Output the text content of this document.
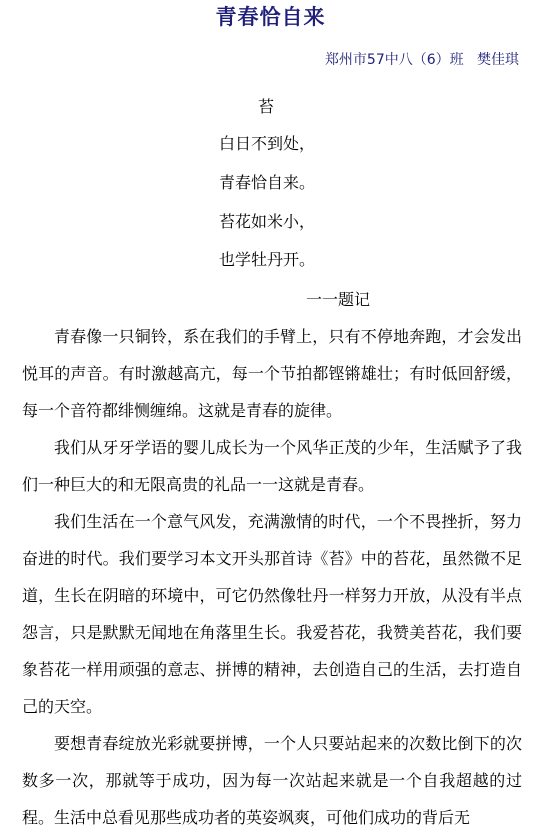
青春恰自来
郑州市57中八（6）班   樊佳琪
苔
白日不到处，
青春恰自来。
苔花如米小，
也学牡丹开。
一一题记

青春像一只铜铃，系在我们的手臂上，只有不停地奔跑，才会发出悦耳的声音。有时激越高亢，每一个节拍都铿锵雄壮；有时低回舒缓，每一个音符都绯恻缠绵。这就是青春的旋律。

我们从牙牙学语的婴儿成长为一个风华正茂的少年，生活赋予了我们一种巨大的和无限高贵的礼品一一这就是青春。

我们生活在一个意气风发，充满激情的时代，一个不畏挫折，努力奋进的时代。我们要学习本文开头那首诗《苔》中的苔花，虽然微不足道，生长在阴暗的环境中，可它仍然像牡丹一样努力开放，从没有半点怨言，只是默默无闻地在角落里生长。我爱苔花，我赞美苔花，我们要象苔花一样用顽强的意志、拼博的精神，去创造自己的生活，去打造自己的天空。

要想青春绽放光彩就要拼博，一个人只要站起来的次数比倒下的次数多一次，那就等于成功，因为每一次站起来就是一个自我超越的过程。生活中总看见那些成功者的英姿飒爽，可他们成功的背后无
